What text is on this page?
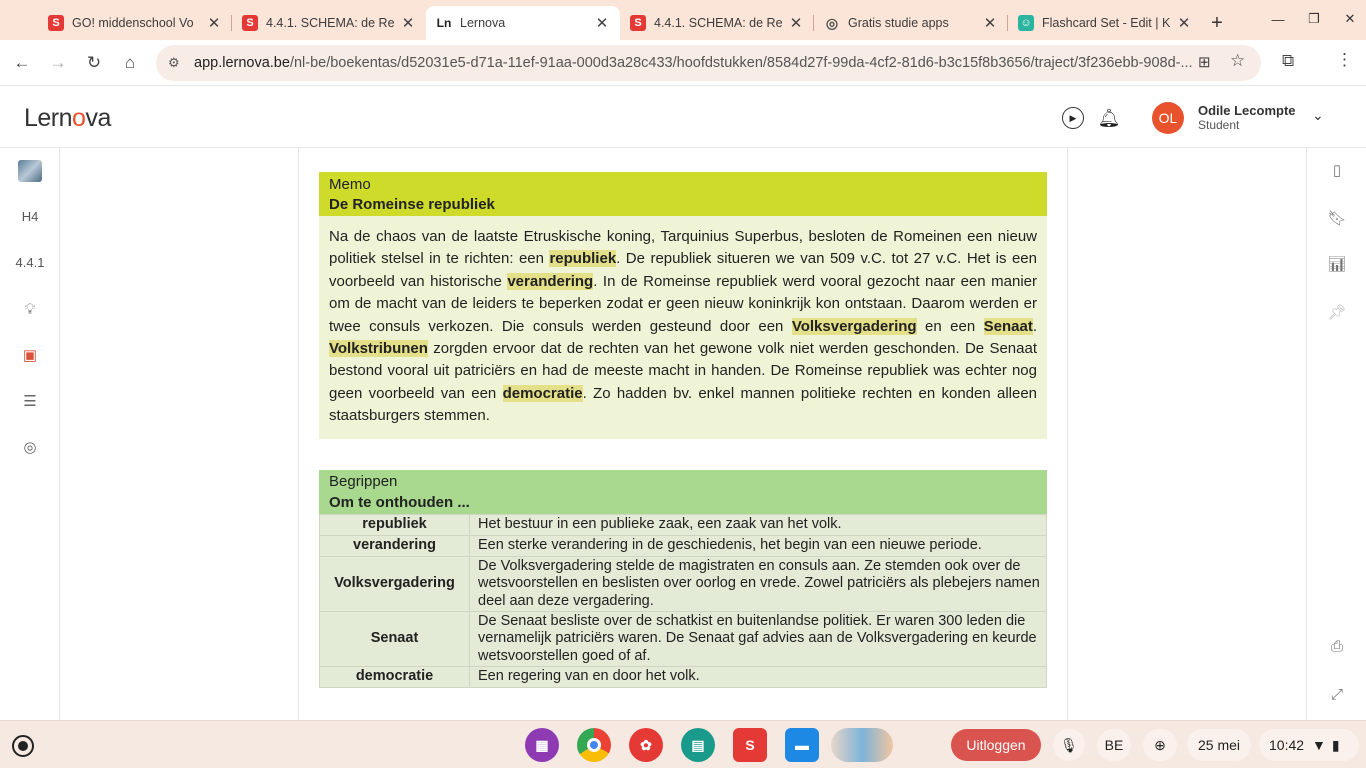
S GO! middenschool Vo ✕	S 4.4.1. SCHEMA: de Re ✕ Ln Lernova	✕	S 4.4.1. SCHEMA: de Re ✕ ◎ Gratis studie apps	✕ ☺ Flashcard Set - Edit | K ✕	+	—	❐	✕
←	→	↻	⌂	⚙ app.lernova.be /nl-be/boekentas/d52031e5-d71a-11ef-91aa-000d3a28c433/hoofdstukken/8584d27f-99da-4cf2-81d6-b3c15f8b3656/traject/3f236ebb-908d-... ⊞ ☆ ⧉ ⋮
Lernova	▶	🔔︎	OL	Odile Lecompte
Student
⌄
H4
4.4.1
💡︎
▣
☰
◎
Memo
De Romeinse republiek
Na de chaos van de laatste Etruskische koning, Tarquinius Superbus, besloten de Romeinen een nieuw politiek stelsel in te richten: een republiek. De republiek situeren we van 509 v.C. tot 27 v.C. Het is een voorbeeld van historische verandering. In de Romeinse republiek werd vooral gezocht naar een manier om de macht van de leiders te beperken zodat er geen nieuw koninkrijk kon ontstaan. Daarom werden er twee consuls verkozen. Die consuls werden gesteund door een Volksvergadering en een Senaat. Volkstribunen zorgden ervoor dat de rechten van het gewone volk niet werden geschonden. De Senaat bestond vooral uit patriciërs en had de meeste macht in handen. De Romeinse republiek was echter nog geen voorbeeld van een democratie. Zo hadden bv. enkel mannen politieke rechten en konden alleen staatsburgers stemmen.
Begrippen
Om te onthouden ...
republiek	Het bestuur in een publieke zaak, een zaak van het volk.
verandering	Een sterke verandering in de geschiedenis, het begin van een nieuwe periode.
Volksvergadering	De Volksvergadering stelde de magistraten en consuls aan. Ze stemden ook over de wetsvoorstellen en beslisten over oorlog en vrede. Zowel patriciërs als plebejers namen deel aan deze vergadering.
Senaat	De Senaat besliste over de schatkist en buitenlandse politiek. Er waren 300 leden die vernamelijk patriciërs waren. De Senaat gaf advies aan de Volksvergadering en keurde wetsvoorstellen goed of af.
democratie	Een regering van en door het volk.
▯
🔖︎
📊︎
📌︎
⎙
⤢
▦	✿	▤	S	▬	Uitloggen	🎙︎	BE	⊕	25 mei	10:42 ▼ ▮
